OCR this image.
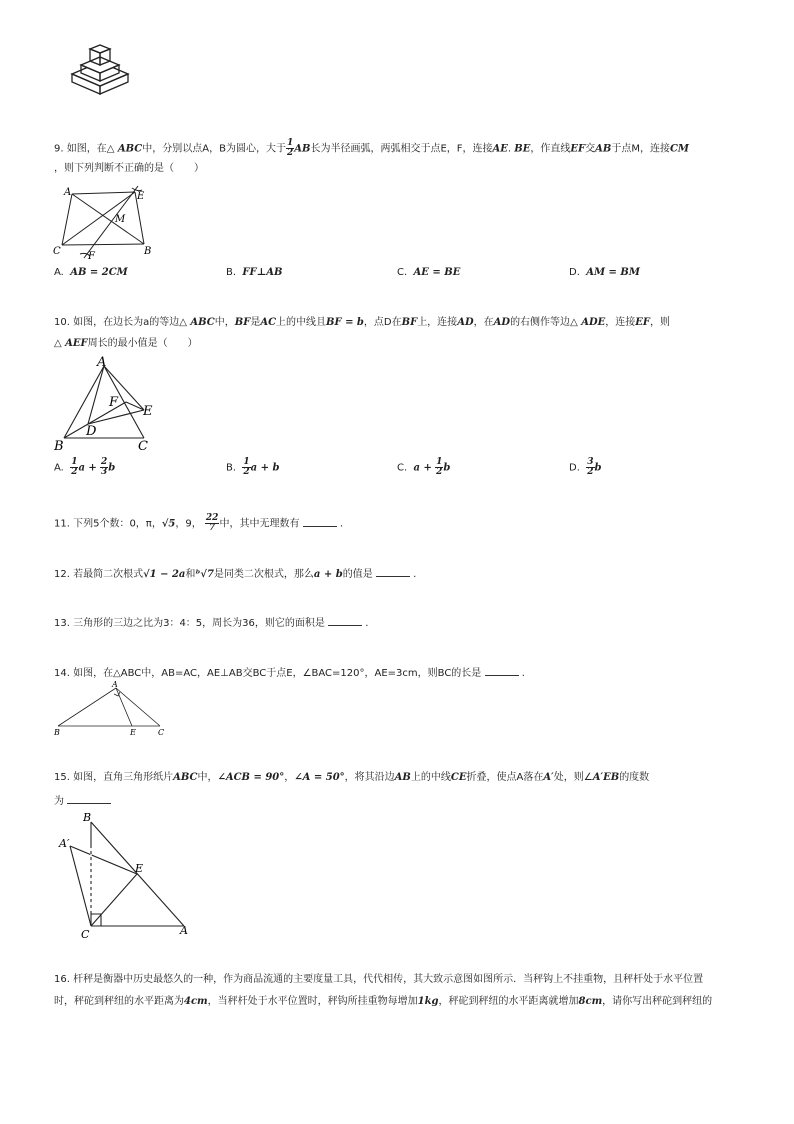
9. 如图，在△ ABC中，分别以点A，B为圆心，大于 $\frac{1}{2}$ AB长为半径画弧，两弧相交于点E，F，连接AE. BE，作直线EF交AB于点M，连接CM
，则下列判断不正确的是（　　）
A	E
M
C	F	B
A. AB = 2CM	B. FF⊥AB	C. AE = BE	D. AM = BM
10. 如图，在边长为a的等边△ ABC中，BF是AC上的中线且BF = b，点D在BF上，连接AD，在AD的右侧作等边△ ADE，连接EF，则
△ AEF周长的最小值是（　　）
A
F
E
D
B	C
A. $\frac{1}{2}$ $a + \frac{2}{3}$ b	B. $\frac{1}{2}$ a + b	C. $a + \frac{1}{2}$ b	D. $\frac{3}{2}$ b
11. 下列5个数：0，π，√5，9， $\frac{22}{7}$ 中，其中无理数有	.
12. 若最简二次根式√1 − 2a和ᵇ√7是同类二次根式，那么a + b的值是	.
13. 三角形的三边之比为3：4：5，周长为36，则它的面积是	.
14. 如图，在△ABC中，AB=AC，AE⊥AB交BC于点E，∠BAC=120°，AE=3cm，则BC的长是	.
A
B	E	C
15. 如图，直角三角形纸片ABC中，∠ACB = 90°，∠A = 50°，将其沿边AB上的中线CE折叠，使点A落在A′处，则∠A′EB的度数
为
B
A′
E
C	A
16. 杆秤是衡器中历史最悠久的一种，作为商品流通的主要度量工具，代代相传，其大致示意图如图所示．当秤钩上不挂重物，且秤杆处于水平位置
时，秤砣到秤纽的水平距离为4cm，当秤杆处于水平位置时，秤钩所挂重物每增加1kg，秤砣到秤纽的水平距离就增加8cm，请你写出秤砣到秤纽的
